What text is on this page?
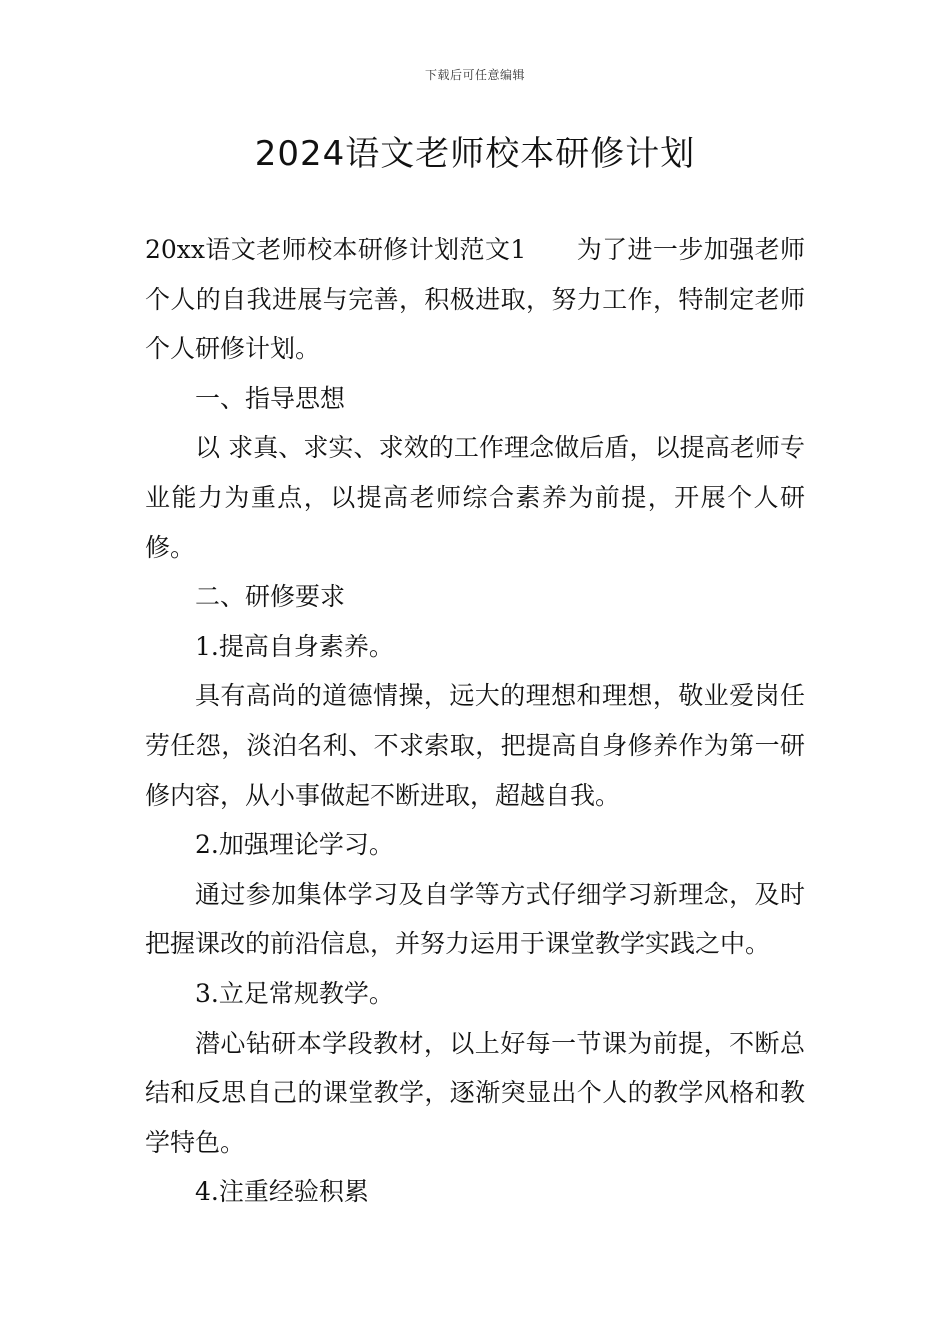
下载后可任意编辑
2024语文老师校本研修计划

20xx语文老师校本研修计划范文1 为了进一步加强老师个人的自我进展与完善，积极进取，努力工作，特制定老师个人研修计划。

一、指导思想

以 求真、求实、求效的工作理念做后盾，以提高老师专业能力为重点，以提高老师综合素养为前提，开展个人研修。

二、研修要求

1.提高自身素养。

具有高尚的道德情操，远大的理想和理想，敬业爱岗任劳任怨，淡泊名利、不求索取，把提高自身修养作为第一研修内容，从小事做起不断进取，超越自我。

2.加强理论学习。

通过参加集体学习及自学等方式仔细学习新理念，及时把握课改的前沿信息，并努力运用于课堂教学实践之中。

3.立足常规教学。

潜心钻研本学段教材，以上好每一节课为前提，不断总结和反思自己的课堂教学，逐渐突显出个人的教学风格和教学特色。

4.注重经验积累
